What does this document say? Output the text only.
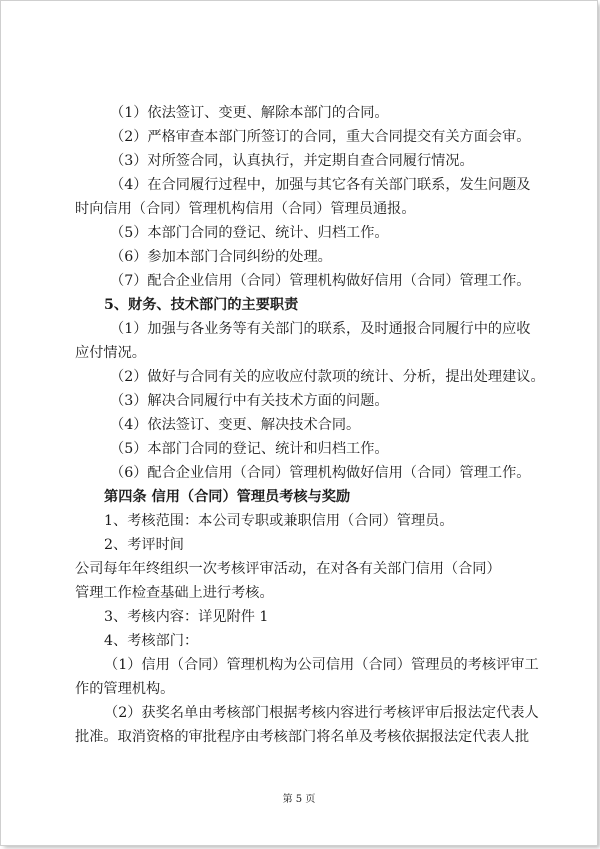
（1）依法签订、变更、解除本部门的合同。
（2）严格审查本部门所签订的合同，重大合同提交有关方面会审。
（3）对所签合同，认真执行，并定期自查合同履行情况。
（4）在合同履行过程中，加强与其它各有关部门联系，发生问题及
时向信用（合同）管理机构信用（合同）管理员通报。
（5）本部门合同的登记、统计、归档工作。
（6）参加本部门合同纠纷的处理。
（7）配合企业信用（合同）管理机构做好信用（合同）管理工作。
5、财务、技术部门的主要职责
（1）加强与各业务等有关部门的联系，及时通报合同履行中的应收
应付情况。
（2）做好与合同有关的应收应付款项的统计、分析，提出处理建议。
（3）解决合同履行中有关技术方面的问题。
（4）依法签订、变更、解决技术合同。
（5）本部门合同的登记、统计和归档工作。
（6）配合企业信用（合同）管理机构做好信用（合同）管理工作。
第四条 信用（合同）管理员考核与奖励
1、考核范围：本公司专职或兼职信用（合同）管理员。
2、考评时间
公司每年年终组织一次考核评审活动，在对各有关部门信用（合同）
管理工作检查基础上进行考核。
3、考核内容：详见附件 1
4、考核部门：
（1）信用（合同）管理机构为公司信用（合同）管理员的考核评审工
作的管理机构。
（2）获奖名单由考核部门根据考核内容进行考核评审后报法定代表人
批准。取消资格的审批程序由考核部门将名单及考核依据报法定代表人批
第 5 页
